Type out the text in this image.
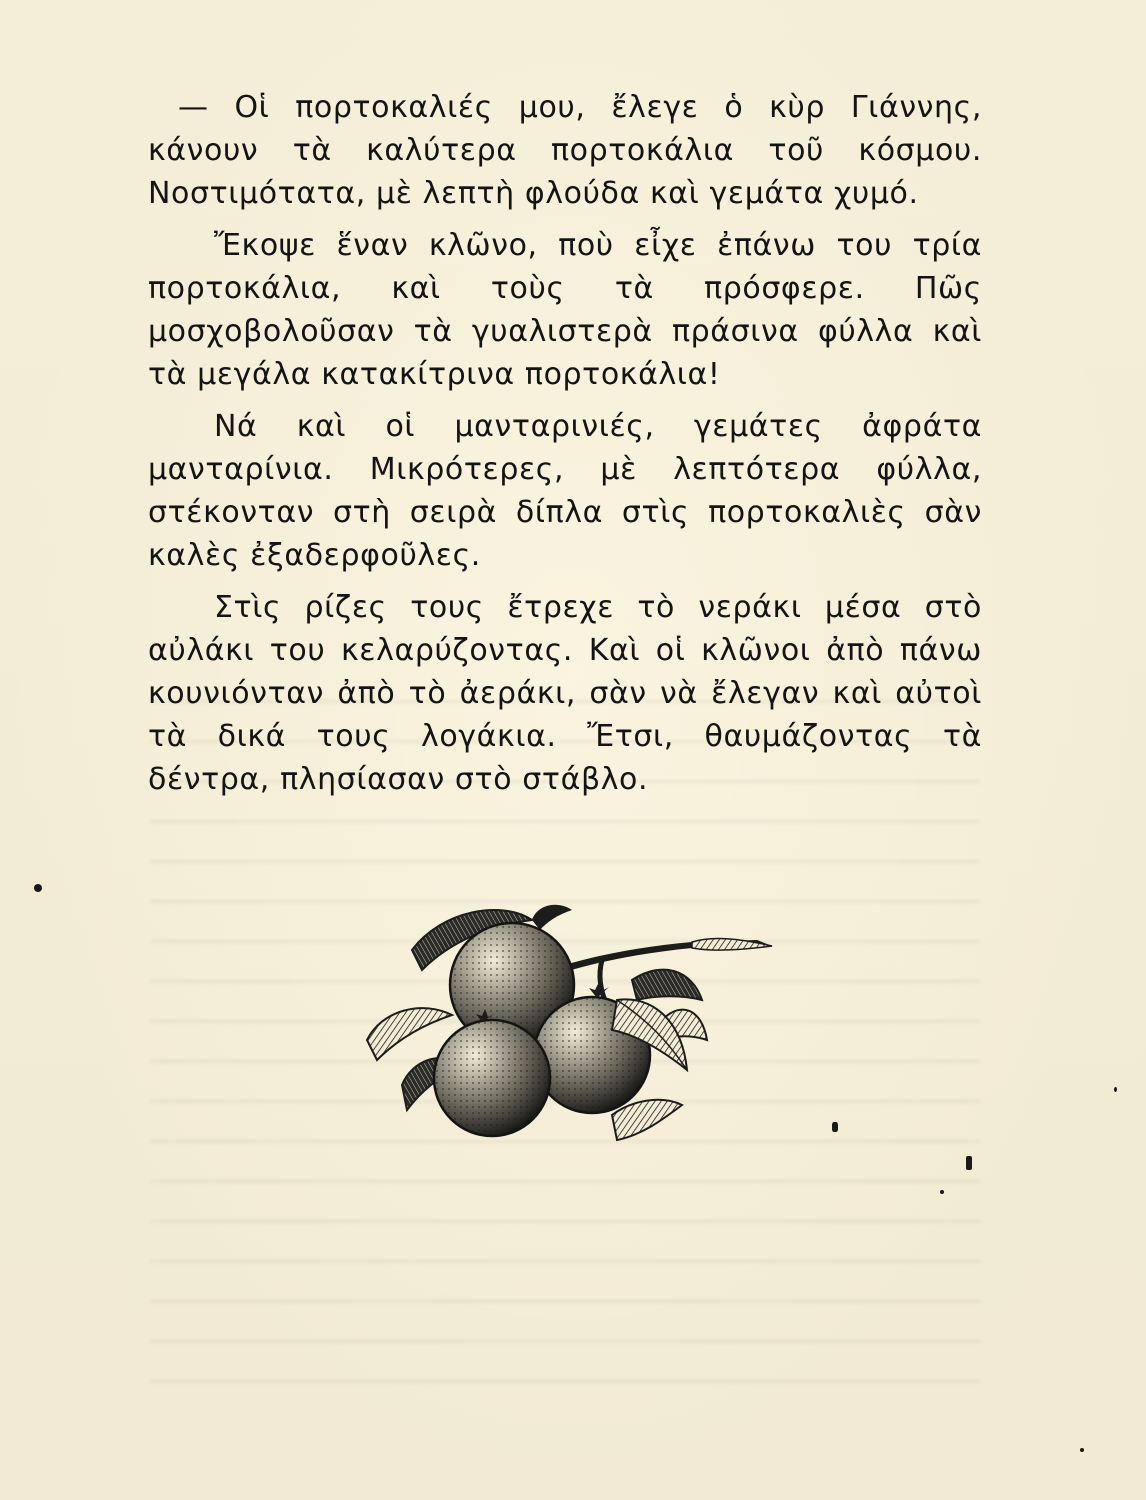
— Οἱ πορτοκαλιές μου, ἔλεγε ὁ κὺρ Γιάννης, κάνουν τὰ καλύτερα πορτοκάλια τοῦ κόσμου. Νοστιμότατα, μὲ λεπτὴ φλούδα καὶ γεμάτα χυμό.

Ἔκοψε ἕναν κλῶνο, ποὺ εἶχε ἐπάνω του τρία πορτοκάλια, καὶ τοὺς τὰ πρόσφερε. Πῶς μοσχοβολοῦσαν τὰ γυαλιστερὰ πράσινα φύλλα καὶ τὰ μεγάλα κατακίτρινα πορτοκάλια!

Νά καὶ οἱ μανταρινιές, γεμάτες ἀφράτα μανταρίνια. Μικρότερες, μὲ λεπτότερα φύλλα, στέκονταν στὴ σειρὰ δίπλα στὶς πορτοκαλιὲς σὰν καλὲς ἐξαδερφοῦλες.

Στὶς ρίζες τους ἔτρεχε τὸ νεράκι μέσα στὸ αὐλάκι του κελαρύζοντας. Καὶ οἱ κλῶνοι ἀπὸ πάνω κουνιόνταν ἀπὸ τὸ ἀεράκι, σὰν νὰ ἔλεγαν καὶ αὐτοὶ τὰ δικά τους λογάκια. Ἔτσι, θαυμάζοντας τὰ δέντρα, πλησίασαν στὸ στάβλο.
